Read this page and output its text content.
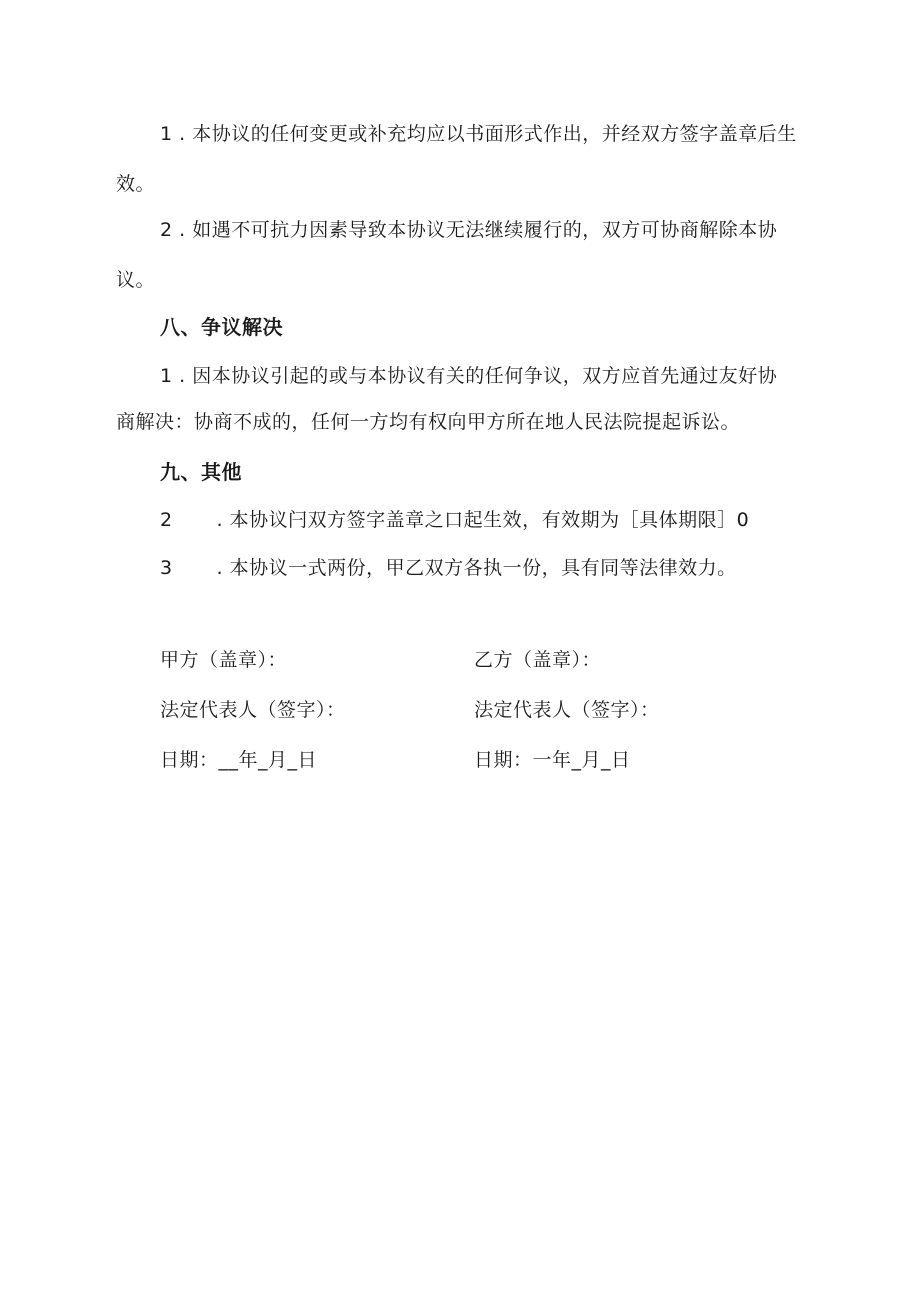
1 . 本协议的任何变更或补充均应以书面形式作出，并经双方签字盖章后生
效。
2 . 如遇不可抗力因素导致本协议无法继续履行的，双方可协商解除本协
议。
八、争议解决
1 . 因本协议引起的或与本协议有关的任何争议，双方应首先通过友好协
商解决：协商不成的，任何一方均有权向甲方所在地人民法院提起诉讼。
九、其他
2 . 本协议闩双方签字盖章之口起生效，有效期为［具体期限］0
3 . 本协议一式两份，甲乙双方各执一份，具有同等法律效力。
甲方（盖章）：	乙方（盖章）：
法定代表人（签字）：	法定代表人（签字）：
日期：__年_月_日	日期：一年_月_日
